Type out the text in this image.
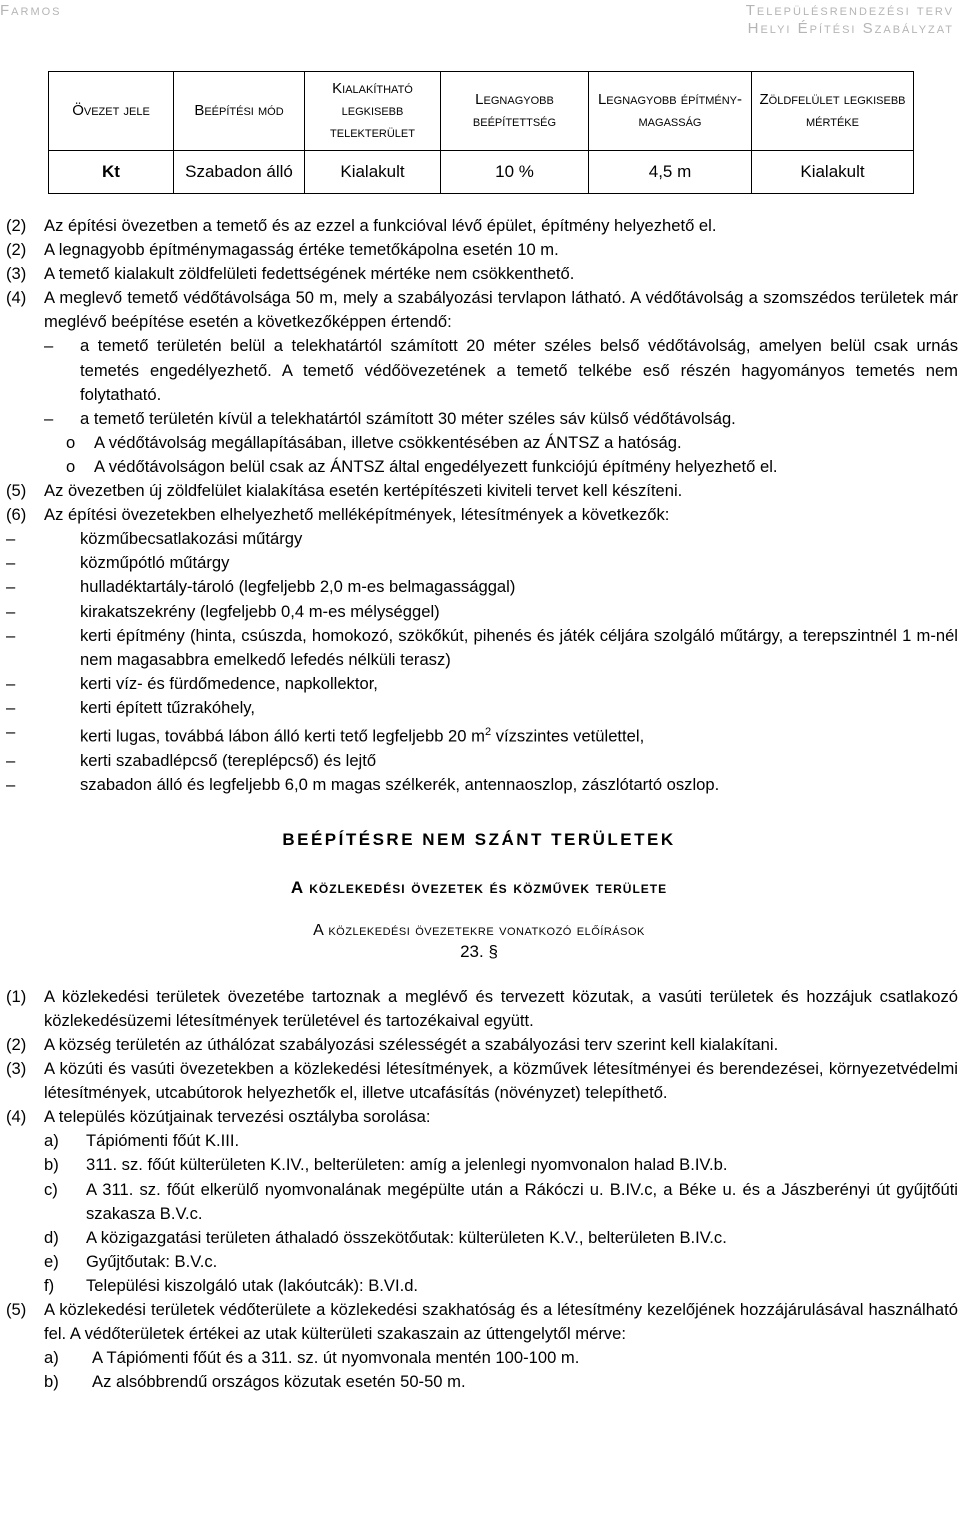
Farmos	Településrendezési terv
Helyi Építési Szabályzat
Övezet jele	Beépítési mód	Kialakítható legkisebb telekterület	Legnagyobb beépítettség	Legnagyobb építmény-magasság	Zöldfelület legkisebb mértéke
Kt	Szabadon álló	Kialakult	10 %	4,5 m	Kialakult
(2) Az építési övezetben a temető és az ezzel a funkcióval lévő épület, építmény helyezhető el.
(2) A legnagyobb építménymagasság értéke temetőkápolna esetén 10 m.
(3) A temető kialakult zöldfelületi fedettségének mértéke nem csökkenthető.
(4) A meglevő temető védőtávolsága 50 m, mely a szabályozási tervlapon látható. A védőtávolság a szomszédos területek már meglévő beépítése esetén a következőképpen értendő:
–	a temető területén belül a telekhatártól számított 20 méter széles belső védőtávolság, amelyen belül csak urnás temetés engedélyezhető. A temető védőövezetének a temető telkébe eső részén hagyományos temetés nem folytatható.
–	a temető területén kívül a telekhatártól számított 30 méter széles sáv külső védőtávolság.
o A védőtávolság megállapításában, illetve csökkentésében az ÁNTSZ a hatóság.
o A védőtávolságon belül csak az ÁNTSZ által engedélyezett funkciójú építmény helyezhető el.
(5) Az övezetben új zöldfelület kialakítása esetén kertépítészeti kiviteli tervet kell készíteni.
(6) Az építési övezetekben elhelyezhető melléképítmények, létesítmények a következők:
–	közműbecsatlakozási műtárgy
–	közműpótló műtárgy
–	hulladéktartály-tároló (legfeljebb 2,0 m-es belmagassággal)
–	kirakatszekrény (legfeljebb 0,4 m-es mélységgel)
–	kerti építmény (hinta, csúszda, homokozó, szökőkút, pihenés és játék céljára szolgáló műtárgy, a terepszintnél 1 m-nél nem magasabbra emelkedő lefedés nélküli terasz)
–	kerti víz- és fürdőmedence, napkollektor,
–	kerti épített tűzrakóhely,
–	kerti lugas, továbbá lábon álló kerti tető legfeljebb 20 $m^2$ vízszintes vetülettel,
–	kerti szabadlépcső (tereplépcső) és lejtő
–	szabadon álló és legfeljebb 6,0 m magas szélkerék, antennaoszlop, zászlótartó oszlop.
BEÉPÍTÉSRE NEM SZÁNT TERÜLETEK
A közlekedési övezetek és közművek területe
A közlekedési övezetekre vonatkozó előírások
23. §
(1) A közlekedési területek övezetébe tartoznak a meglévő és tervezett közutak, a vasúti területek és hozzájuk csatlakozó közlekedésüzemi létesítmények területével és tartozékaival együtt.
(2) A község területén az úthálózat szabályozási szélességét a szabályozási terv szerint kell kialakítani.
(3) A közúti és vasúti övezetekben a közlekedési létesítmények, a közművek létesítményei és berendezései, környezetvédelmi létesítmények, utcabútorok helyezhetők el, illetve utcafásítás (növényzet) telepíthető.
(4) A település közútjainak tervezési osztályba sorolása:
a) Tápiómenti főút K.III.
b) 311. sz. főút külterületen K.IV., belterületen: amíg a jelenlegi nyomvonalon halad B.IV.b.
c) A 311. sz. főút elkerülő nyomvonalának megépülte után a Rákóczi u. B.IV.c, a Béke u. és a Jászberényi út gyűjtőúti szakasza B.V.c.
d) A közigazgatási területen áthaladó összekötőutak: külterületen K.V., belterületen B.IV.c.
e) Gyűjtőutak: B.V.c.
f) Települési kiszolgáló utak (lakóutcák): B.VI.d.
(5) A közlekedési területek védőterülete a közlekedési szakhatóság és a létesítmény kezelőjének hozzájárulásával használható fel. A védőterületek értékei az utak külterületi szakaszain az úttengelytől mérve:
a) A Tápiómenti főút és a 311. sz. út nyomvonala mentén 100-100 m.
b) Az alsóbbrendű országos közutak esetén 50-50 m.
